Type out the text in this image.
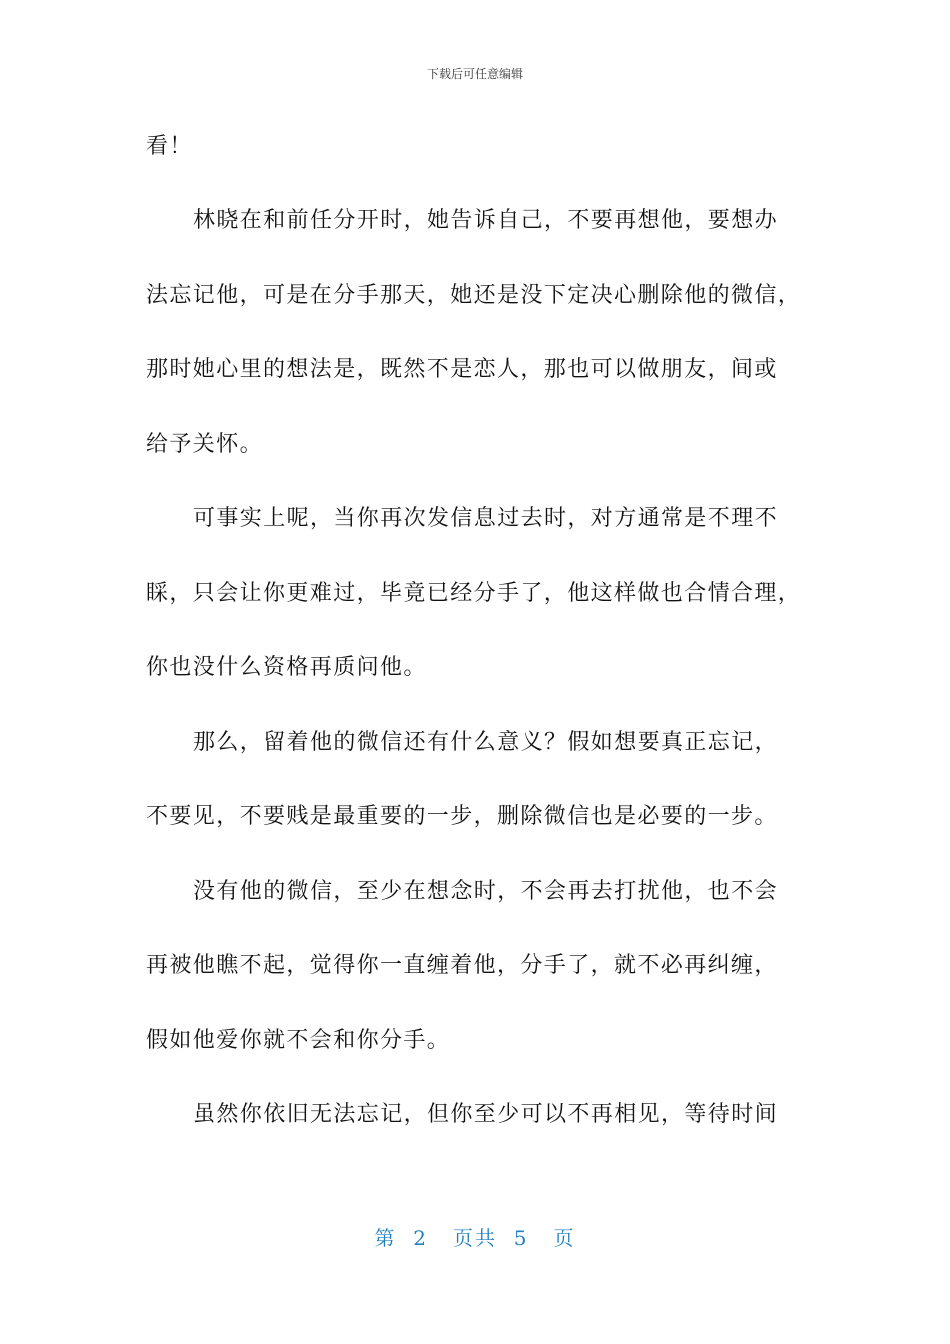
下载后可任意编辑
看！
林晓在和前任分开时，她告诉自己，不要再想他，要想办
法忘记他，可是在分手那天，她还是没下定决心删除他的微信，
那时她心里的想法是，既然不是恋人，那也可以做朋友，间或
给予关怀。
可事实上呢，当你再次发信息过去时，对方通常是不理不
睬，只会让你更难过，毕竟已经分手了，他这样做也合情合理，
你也没什么资格再质问他。
那么，留着他的微信还有什么意义？假如想要真正忘记，
不要见，不要贱是最重要的一步，删除微信也是必要的一步。
没有他的微信，至少在想念时，不会再去打扰他，也不会
再被他瞧不起，觉得你一直缠着他，分手了，就不必再纠缠，
假如他爱你就不会和你分手。
虽然你依旧无法忘记，但你至少可以不再相见，等待时间
第 2 页共 5 页
